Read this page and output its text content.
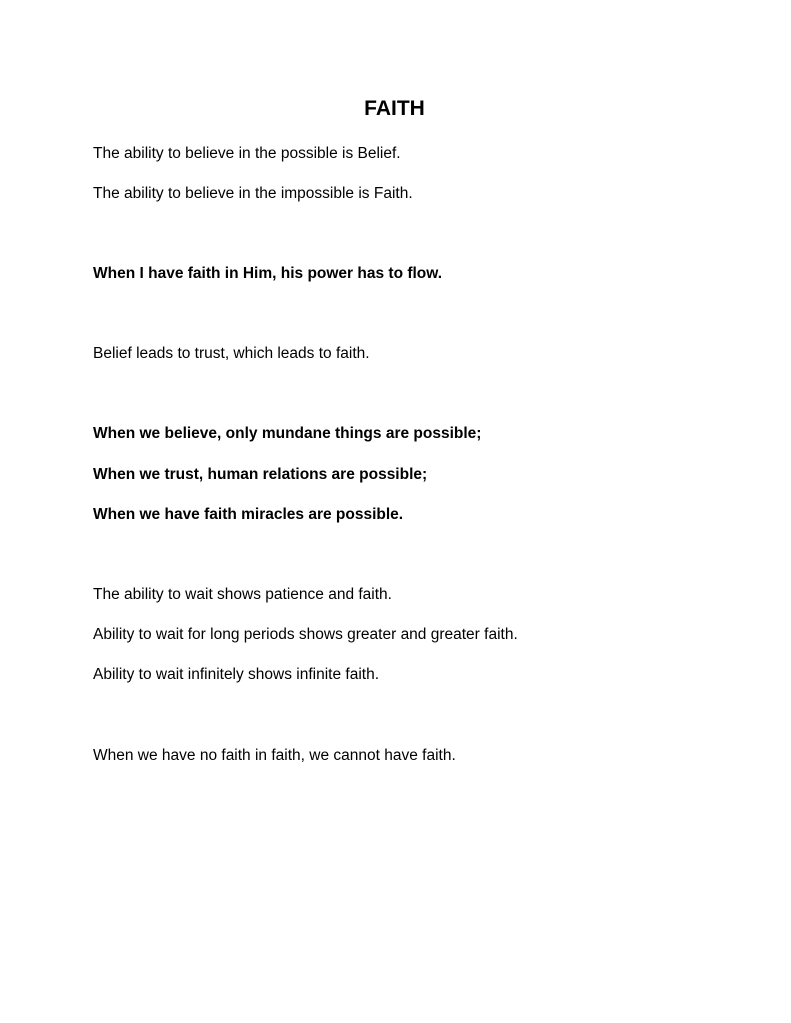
FAITH
The ability to believe in the possible is Belief.
The ability to believe in the impossible is Faith.
When I have faith in Him, his power has to flow.
Belief leads to trust, which leads to faith.
When we believe, only mundane things are possible;
When we trust, human relations are possible;
When we have faith miracles are possible.
The ability to wait shows patience and faith.
Ability to wait for long periods shows greater and greater faith.
Ability to wait infinitely shows infinite faith.
When we have no faith in faith, we cannot have faith.
